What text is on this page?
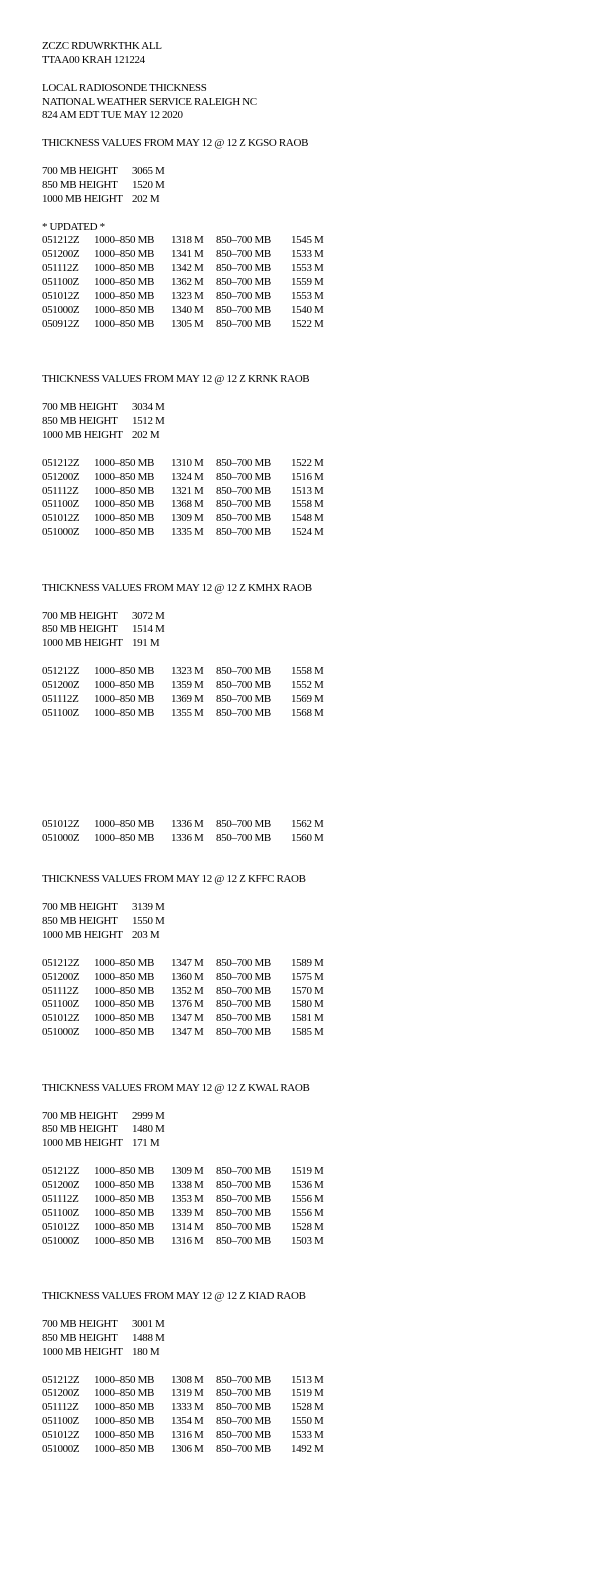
ZCZC RDUWRKTHK ALL
TTAA00 KRAH 121224
LOCAL RADIOSONDE THICKNESS
NATIONAL WEATHER SERVICE RALEIGH NC
824 AM EDT TUE MAY 12 2020
THICKNESS VALUES FROM MAY 12 @ 12 Z KGSO RAOB
700 MB HEIGHT 3065 M
850 MB HEIGHT 1520 M
1000 MB HEIGHT 202 M
* UPDATED *
051212Z 1000–850 MB 1318 M 850–700 MB 1545 M
051200Z 1000–850 MB 1341 M 850–700 MB 1533 M
051112Z 1000–850 MB 1342 M 850–700 MB 1553 M
051100Z 1000–850 MB 1362 M 850–700 MB 1559 M
051012Z 1000–850 MB 1323 M 850–700 MB 1553 M
051000Z 1000–850 MB 1340 M 850–700 MB 1540 M
050912Z 1000–850 MB 1305 M 850–700 MB 1522 M
THICKNESS VALUES FROM MAY 12 @ 12 Z KRNK RAOB
700 MB HEIGHT 3034 M
850 MB HEIGHT 1512 M
1000 MB HEIGHT 202 M
051212Z 1000–850 MB 1310 M 850–700 MB 1522 M
051200Z 1000–850 MB 1324 M 850–700 MB 1516 M
051112Z 1000–850 MB 1321 M 850–700 MB 1513 M
051100Z 1000–850 MB 1368 M 850–700 MB 1558 M
051012Z 1000–850 MB 1309 M 850–700 MB 1548 M
051000Z 1000–850 MB 1335 M 850–700 MB 1524 M
THICKNESS VALUES FROM MAY 12 @ 12 Z KMHX RAOB
700 MB HEIGHT 3072 M
850 MB HEIGHT 1514 M
1000 MB HEIGHT 191 M
051212Z 1000–850 MB 1323 M 850–700 MB 1558 M
051200Z 1000–850 MB 1359 M 850–700 MB 1552 M
051112Z 1000–850 MB 1369 M 850–700 MB 1569 M
051100Z 1000–850 MB 1355 M 850–700 MB 1568 M
051012Z 1000–850 MB 1336 M 850–700 MB 1562 M
051000Z 1000–850 MB 1336 M 850–700 MB 1560 M
THICKNESS VALUES FROM MAY 12 @ 12 Z KFFC RAOB
700 MB HEIGHT 3139 M
850 MB HEIGHT 1550 M
1000 MB HEIGHT 203 M
051212Z 1000–850 MB 1347 M 850–700 MB 1589 M
051200Z 1000–850 MB 1360 M 850–700 MB 1575 M
051112Z 1000–850 MB 1352 M 850–700 MB 1570 M
051100Z 1000–850 MB 1376 M 850–700 MB 1580 M
051012Z 1000–850 MB 1347 M 850–700 MB 1581 M
051000Z 1000–850 MB 1347 M 850–700 MB 1585 M
THICKNESS VALUES FROM MAY 12 @ 12 Z KWAL RAOB
700 MB HEIGHT 2999 M
850 MB HEIGHT 1480 M
1000 MB HEIGHT 171 M
051212Z 1000–850 MB 1309 M 850–700 MB 1519 M
051200Z 1000–850 MB 1338 M 850–700 MB 1536 M
051112Z 1000–850 MB 1353 M 850–700 MB 1556 M
051100Z 1000–850 MB 1339 M 850–700 MB 1556 M
051012Z 1000–850 MB 1314 M 850–700 MB 1528 M
051000Z 1000–850 MB 1316 M 850–700 MB 1503 M
THICKNESS VALUES FROM MAY 12 @ 12 Z KIAD RAOB
700 MB HEIGHT 3001 M
850 MB HEIGHT 1488 M
1000 MB HEIGHT 180 M
051212Z 1000–850 MB 1308 M 850–700 MB 1513 M
051200Z 1000–850 MB 1319 M 850–700 MB 1519 M
051112Z 1000–850 MB 1333 M 850–700 MB 1528 M
051100Z 1000–850 MB 1354 M 850–700 MB 1550 M
051012Z 1000–850 MB 1316 M 850–700 MB 1533 M
051000Z 1000–850 MB 1306 M 850–700 MB 1492 M
